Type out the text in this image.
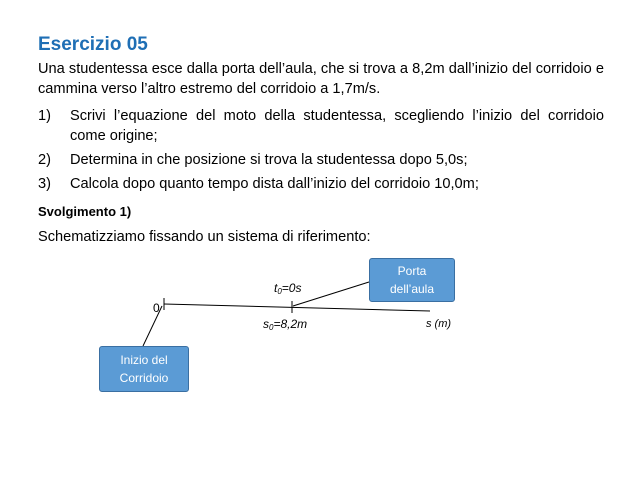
Esercizio 05
Una studentessa esce dalla porta dell’aula, che si trova a 8,2m dall’inizio del corridoio e cammina verso l’altro estremo del corridoio a 1,7m/s.
1)	Scrivi l’equazione del moto della studentessa, scegliendo l’inizio del corridoio come origine;
2)	Determina in che posizione si trova la studentessa dopo 5,0s;
3)	Calcola dopo quanto tempo dista dall’inizio del corridoio 10,0m;
Svolgimento 1)
Schematizziamo fissando un sistema di riferimento:
0
$t_0=0s$
$s_0=8,2m$	s (m)
Porta
dell’aula
Inizio del
Corridoio
